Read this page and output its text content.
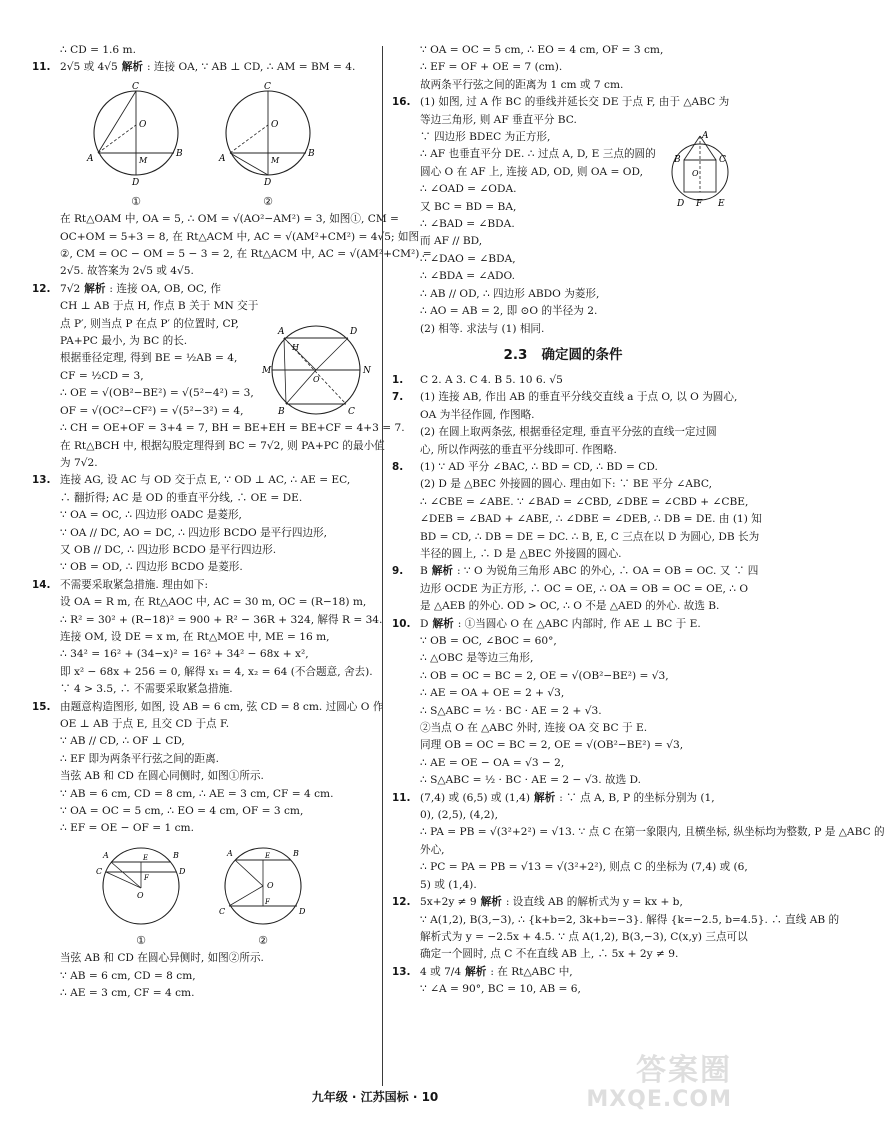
∴ CD = 1.6 m.
11. 2√5 或 4√5 解析 : 连接 OA, ∵ AB ⊥ CD, ∴ AM = BM = 4.
C
O
A	B
M
D
①
C
O
A	B
M
D
②
在 Rt△OAM 中, OA = 5, ∴ OM = √(AO²−AM²) = 3, 如图①, CM =
OC+OM = 5+3 = 8, 在 Rt△ACM 中, AC = √(AM²+CM²) = 4√5; 如图
②, CM = OC − OM = 5 − 3 = 2, 在 Rt△ACM 中, AC = √(AM²+CM²) =
2√5. 故答案为 2√5 或 4√5.
12. 7√2 解析 : 连接 OA, OB, OC, 作
CH ⊥ AB 于点 H, 作点 B 关于 MN 交于
点 P′, 则当点 P 在点 P′ 的位置时, CP,
PA+PC 最小, 为 BC 的长.
根据垂径定理, 得到 BE = ½AB = 4,
CF = ½CD = 3,
∴ OE = √(OB²−BE²) = √(5²−4²) = 3,
OF = √(OC²−CF²) = √(5²−3²) = 4,
∴ CH = OE+OF = 3+4 = 7, BH = BE+EH = BE+CF = 4+3 = 7.
在 Rt△BCH 中, 根据勾股定理得到 BC = 7√2, 则 PA+PC 的最小值
为 7√2.
13. 连接 AG, 设 AC 与 OD 交于点 E, ∵ OD ⊥ AC, ∴ AE = EC,
∴ 翻折得; AC 是 OD 的垂直平分线, ∴ OE = DE.
∵ OA = OC, ∴ 四边形 OADC 是菱形,
∵ OA // DC, AO = DC, ∴ 四边形 BCDO 是平行四边形,
又 OB // DC, ∴ 四边形 BCDO 是平行四边形.
∵ OB = OD, ∴ 四边形 BCDO 是菱形.
14. 不需要采取紧急措施. 理由如下:
设 OA = R m, 在 Rt△AOC 中, AC = 30 m, OC = (R−18) m,
∴ R² = 30² + (R−18)² = 900 + R² − 36R + 324, 解得 R = 34.
连接 OM, 设 DE = x m, 在 Rt△MOE 中, ME = 16 m,
∴ 34² = 16² + (34−x)² = 16² + 34² − 68x + x²,
即 x² − 68x + 256 = 0, 解得 x₁ = 4, x₂ = 64 (不合题意, 舍去).
∵ 4 > 3.5, ∴ 不需要采取紧急措施.
15. 由题意构造图形, 如图, 设 AB = 6 cm, 弦 CD = 8 cm. 过圆心 O 作
OE ⊥ AB 于点 E, 且交 CD 于点 F.
∵ AB // CD, ∴ OF ⊥ CD,
∴ EF 即为两条平行弦之间的距离.
当弦 AB 和 CD 在圆心同侧时, 如图①所示.
∵ AB = 6 cm, CD = 8 cm, ∴ AE = 3 cm, CF = 4 cm.
∵ OA = OC = 5 cm, ∴ EO = 4 cm, OF = 3 cm,
∴ EF = OE − OF = 1 cm.
A	B
C	D
E
F
O
①
A	B
C	D
E
F
O
②
当弦 AB 和 CD 在圆心异侧时, 如图②所示.
∵ AB = 6 cm, CD = 8 cm,
∴ AE = 3 cm, CF = 4 cm.
∵ OA = OC = 5 cm, ∴ EO = 4 cm, OF = 3 cm,
∴ EF = OF + OE = 7 (cm).
故两条平行弦之间的距离为 1 cm 或 7 cm.
16. (1) 如图, 过 A 作 BC 的垂线并延长交 DE 于点 F, 由于 △ABC 为
等边三角形, 则 AF 垂直平分 BC.
∵ 四边形 BDEC 为正方形,
∴ AF 也垂直平分 DE. ∴ 过点 A, D, E 三点的圆的
圆心 O 在 AF 上, 连接 AD, OD, 则 OA = OD,
∴ ∠OAD = ∠ODA.
又 BC = BD = BA,
∴ ∠BAD = ∠BDA.
而 AF // BD,
∴ ∠DAO = ∠BDA,
∴ ∠BDA = ∠ADO.
∴ AB // OD, ∴ 四边形 ABDO 为菱形,
∴ AO = AB = 2, 即 ⊙O 的半径为 2.
(2) 相等. 求法与 (1) 相同.
2.3 确定圆的条件
1.	C 2. A 3. C 4. B 5. 10 6. √5
7.	(1) 连接 AB, 作出 AB 的垂直平分线交直线 a 于点 O, 以 O 为圆心,
OA 为半径作圆, 作图略.
(2) 在圆上取两条弦, 根据垂径定理, 垂直平分弦的直线一定过圆
心, 所以作两弦的垂直平分线即可. 作图略.
8.	(1) ∵ AD 平分 ∠BAC, ∴ BD = CD, ∴ BD = CD.
(2) D 是 △BEC 外接圆的圆心. 理由如下: ∵ BE 平分 ∠ABC,
∴ ∠CBE = ∠ABE. ∵ ∠BAD = ∠CBD, ∠DBE = ∠CBD + ∠CBE,
∠DEB = ∠BAD + ∠ABE, ∴ ∠DBE = ∠DEB, ∴ DB = DE. 由 (1) 知
BD = CD, ∴ DB = DE = DC. ∴ B, E, C 三点在以 D 为圆心, DB 长为
半径的圆上, ∴ D 是 △BEC 外接圆的圆心.
9.	B 解析 : ∵ O 为锐角三角形 ABC 的外心, ∴ OA = OB = OC. 又 ∵ 四
边形 OCDE 为正方形, ∴ OC = OE, ∴ OA = OB = OC = OE, ∴ O
是 △AEB 的外心. OD > OC, ∴ O 不是 △AED 的外心. 故选 B.
10. D 解析 : ①当圆心 O 在 △ABC 内部时, 作 AE ⊥ BC 于 E.
∵ OB = OC, ∠BOC = 60°,
∴ △OBC 是等边三角形,
∴ OB = OC = BC = 2, OE = √(OB²−BE²) = √3,
∴ AE = OA + OE = 2 + √3,
∴ S△ABC = ½ · BC · AE = 2 + √3.
②当点 O 在 △ABC 外时, 连接 OA 交 BC 于 E.
同理 OB = OC = BC = 2, OE = √(OB²−BE²) = √3,
∴ AE = OE − OA = √3 − 2,
∴ S△ABC = ½ · BC · AE = 2 − √3. 故选 D.
11. (7,4) 或 (6,5) 或 (1,4) 解析 : ∵ 点 A, B, P 的坐标分别为 (1,
0), (2,5), (4,2),
∴ PA = PB = √(3²+2²) = √13. ∵ 点 C 在第一象限内, 且横坐标, 纵坐标均为整数, P 是 △ABC 的
外心,
∴ PC = PA = PB = √13 = √(3²+2²), 则点 C 的坐标为 (7,4) 或 (6,
5) 或 (1,4).
12. 5x+2y ≠ 9 解析 : 设直线 AB 的解析式为 y = kx + b,
∵ A(1,2), B(3,−3), ∴ {k+b=2, 3k+b=−3}. 解得 {k=−2.5, b=4.5}. ∴ 直线 AB 的
解析式为 y = −2.5x + 4.5. ∵ 点 A(1,2), B(3,−3), C(x,y) 三点可以
确定一个圆时, 点 C 不在直线 AB 上, ∴ 5x + 2y ≠ 9.
13. 4 或 7/4 解析 : 在 Rt△ABC 中,
∵ ∠A = 90°, BC = 10, AB = 6,
A	D
M	N
B	C
O
H
A
B	C
D F E
O
九年级 · 江苏国标 · 10
答案圈
MXQE.COM
